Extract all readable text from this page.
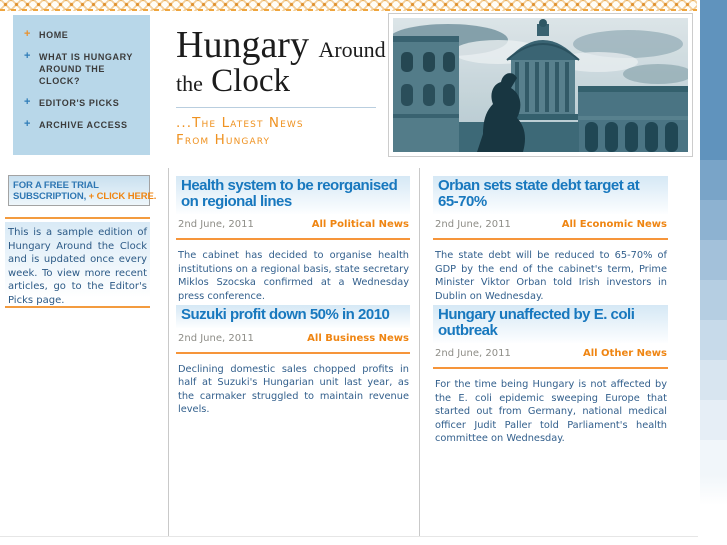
+ HOME
+ WHAT IS HUNGARY AROUND THE CLOCK?
+ EDITOR'S PICKS
+ ARCHIVE ACCESS
Hungary Around
the Clock
...The Latest News
From Hungary
FOR A FREE TRIAL
SUBSCRIPTION, + CLICK HERE.
This is a sample edition of Hungary Around the Clock and is updated once every week. To view more recent articles, go to the Editor's Picks page.
Health system to be reorganised on regional lines
2nd June, 2011	All Political News
The cabinet has decided to organise health institutions on a regional basis, state secretary Miklos Szocska confirmed at a Wednesday press conference.
Orban sets state debt target at 65-70%
2nd June, 2011	All Economic News
The state debt will be reduced to 65-70% of GDP by the end of the cabinet's term, Prime Minister Viktor Orban told Irish investors in Dublin on Wednesday.
Suzuki profit down 50% in 2010
2nd June, 2011	All Business News
Declining domestic sales chopped profits in half at Suzuki's Hungarian unit last year, as the carmaker struggled to maintain revenue levels.
Hungary unaffected by E. coli outbreak
2nd June, 2011	All Other News
For the time being Hungary is not affected by the E. coli epidemic sweeping Europe that started out from Germany, national medical officer Judit Paller told Parliament's health committee on Wednesday.
